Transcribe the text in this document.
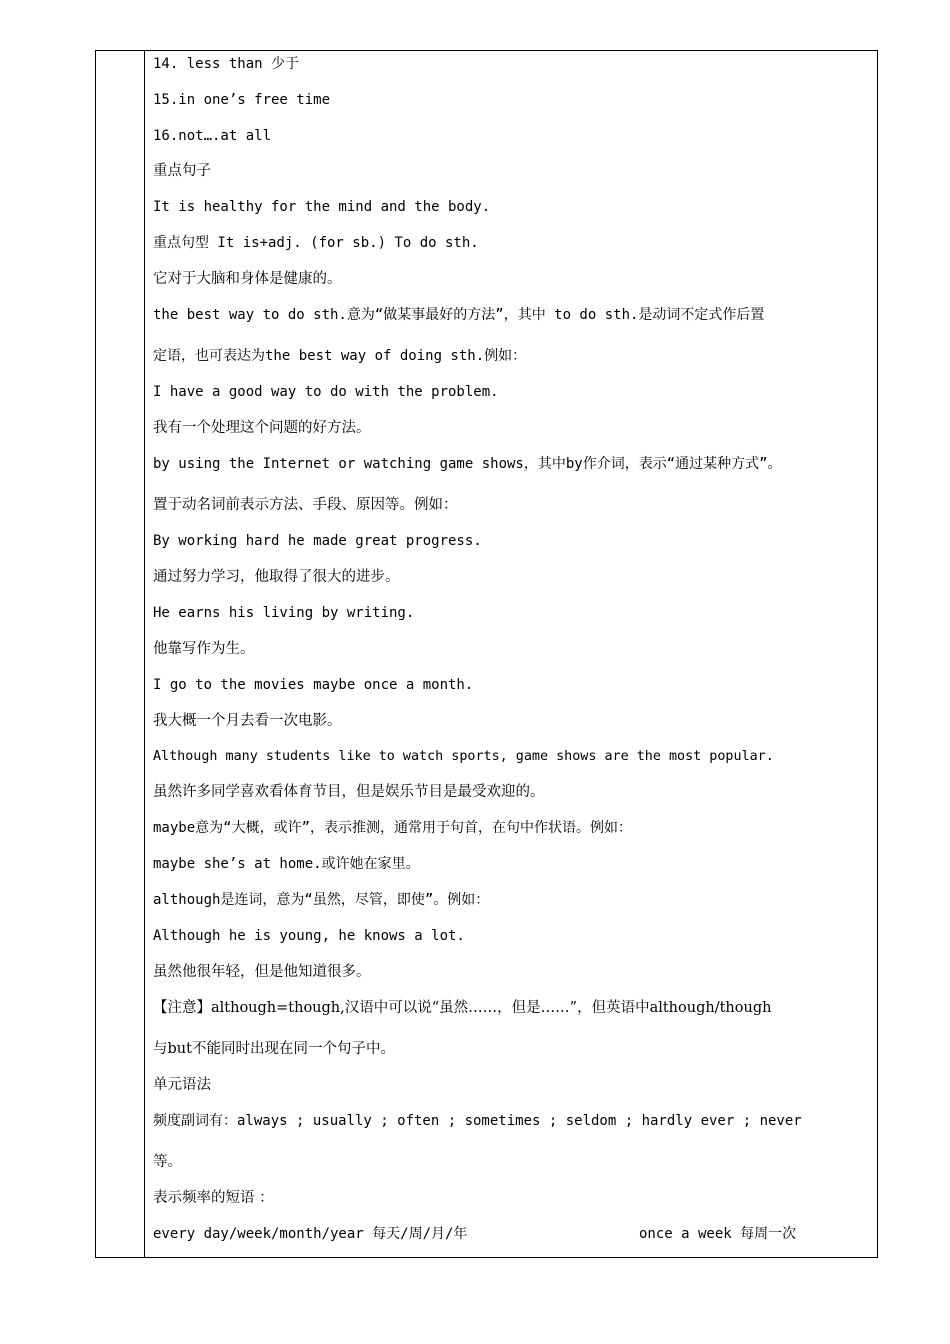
14. less than 少于
15.in one’s free time
16.not….at all
重点句子
It is healthy for the mind and the body.
重点句型 It is+adj. (for sb.) To do sth.
它对于大脑和身体是健康的。
the best way to do sth.意为“做某事最好的方法”，其中 to do sth.是动词不定式作后置
定语，也可表达为the best way of doing sth.例如：
I have a good way to do with the problem.
我有一个处理这个问题的好方法。
by using the Internet or watching game shows，其中by作介词，表示“通过某种方式”。
置于动名词前表示方法、手段、原因等。例如：
By working hard he made great progress.
通过努力学习，他取得了很大的进步。
He earns his living by writing.
他靠写作为生。
I go to the movies maybe once a month.
我大概一个月去看一次电影。
Although many students like to watch sports, game shows are the most popular.
虽然许多同学喜欢看体育节目，但是娱乐节目是最受欢迎的。
maybe意为“大概，或许”，表示推测，通常用于句首，在句中作状语。例如：
maybe she’s at home.或许她在家里。
although是连词，意为“虽然，尽管，即使”。例如：
Although he is young, he knows a lot.
虽然他很年轻，但是他知道很多。
【注意】although=though,汉语中可以说“虽然……，但是……”，但英语中although/though
与but不能同时出现在同一个句子中。
单元语法
频度副词有：always ; usually ; often ; sometimes ; seldom ; hardly ever ; never
等。
表示频率的短语 ：
every day/week/month/year 每天/周/月/年	once a week 每周一次
